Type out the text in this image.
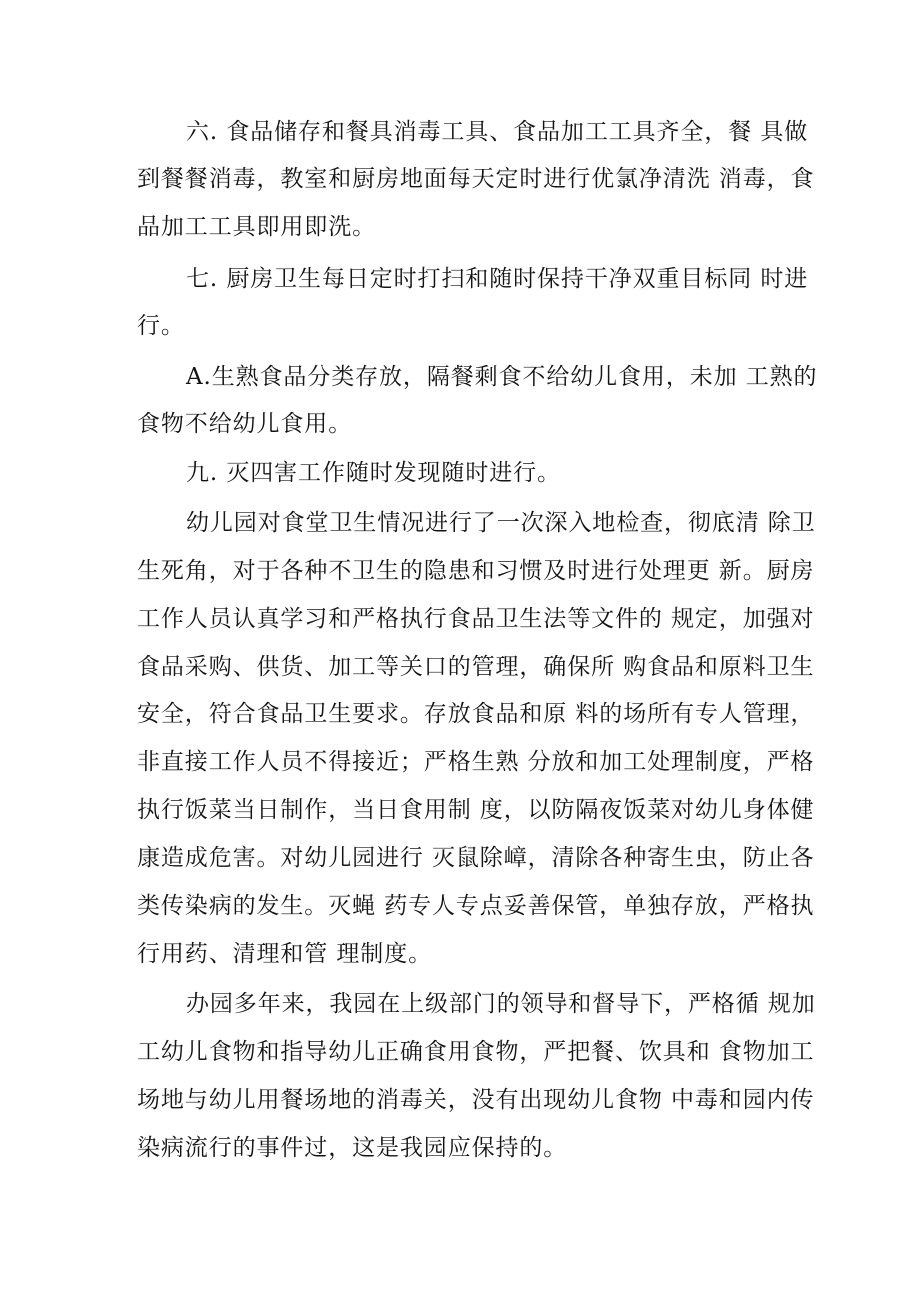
六. 食品储存和餐具消毒工具、食品加工工具齐全，餐 具做
到餐餐消毒，教室和厨房地面每天定时进行优氯净清洗 消毒，食
品加工工具即用即洗。
七. 厨房卫生每日定时打扫和随时保持干净双重目标同 时进
行。
A.生熟食品分类存放，隔餐剩食不给幼儿食用，未加 工熟的
食物不给幼儿食用。
九. 灭四害工作随时发现随时进行。
幼儿园对食堂卫生情况进行了一次深入地检查，彻底清 除卫
生死角，对于各种不卫生的隐患和习惯及时进行处理更 新。厨房
工作人员认真学习和严格执行食品卫生法等文件的 规定，加强对
食品采购、供货、加工等关口的管理，确保所 购食品和原料卫生
安全，符合食品卫生要求。存放食品和原 料的场所有专人管理，
非直接工作人员不得接近；严格生熟 分放和加工处理制度，严格
执行饭菜当日制作，当日食用制 度，以防隔夜饭菜对幼儿身体健
康造成危害。对幼儿园进行 灭鼠除嶂，清除各种寄生虫，防止各
类传染病的发生。灭蝇 药专人专点妥善保管，单独存放，严格执
行用药、清理和管 理制度。
办园多年来，我园在上级部门的领导和督导下，严格循 规加
工幼儿食物和指导幼儿正确食用食物，严把餐、饮具和 食物加工
场地与幼儿用餐场地的消毒关，没有出现幼儿食物 中毒和园内传
染病流行的事件过，这是我园应保持的。
